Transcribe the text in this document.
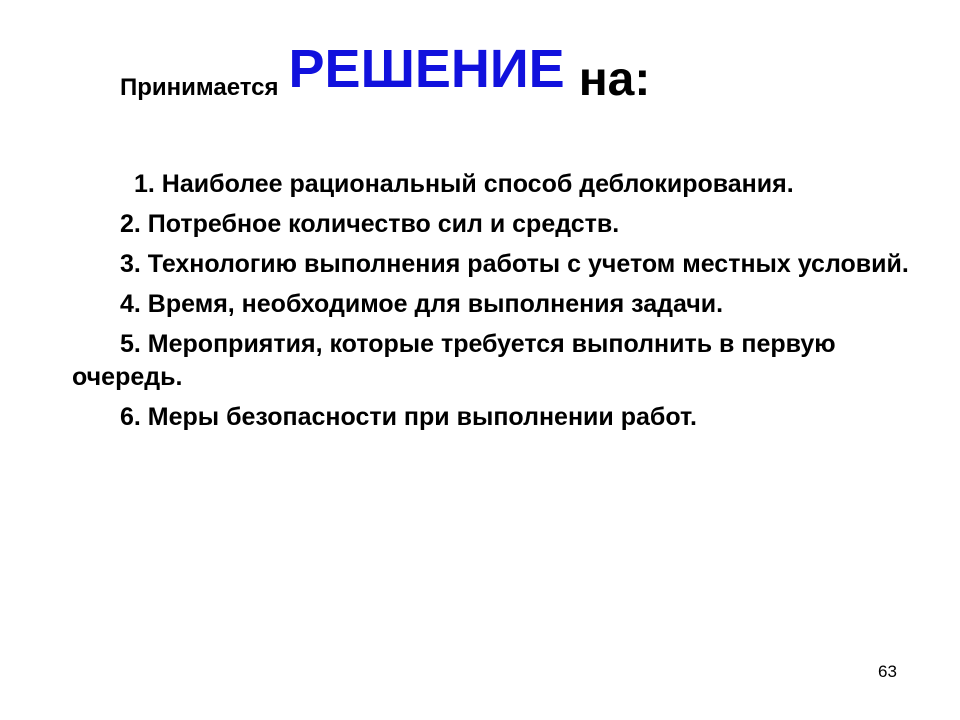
Принимается РЕШЕНИЕ на:
1. Наиболее рациональный способ деблокирования.
2. Потребное количество сил и средств.
3. Технологию выполнения работы с учетом местных условий.
4. Время, необходимое для выполнения задачи.
5. Мероприятия, которые требуется выполнить в первую очередь.
6. Меры безопасности при выполнении работ.
63
